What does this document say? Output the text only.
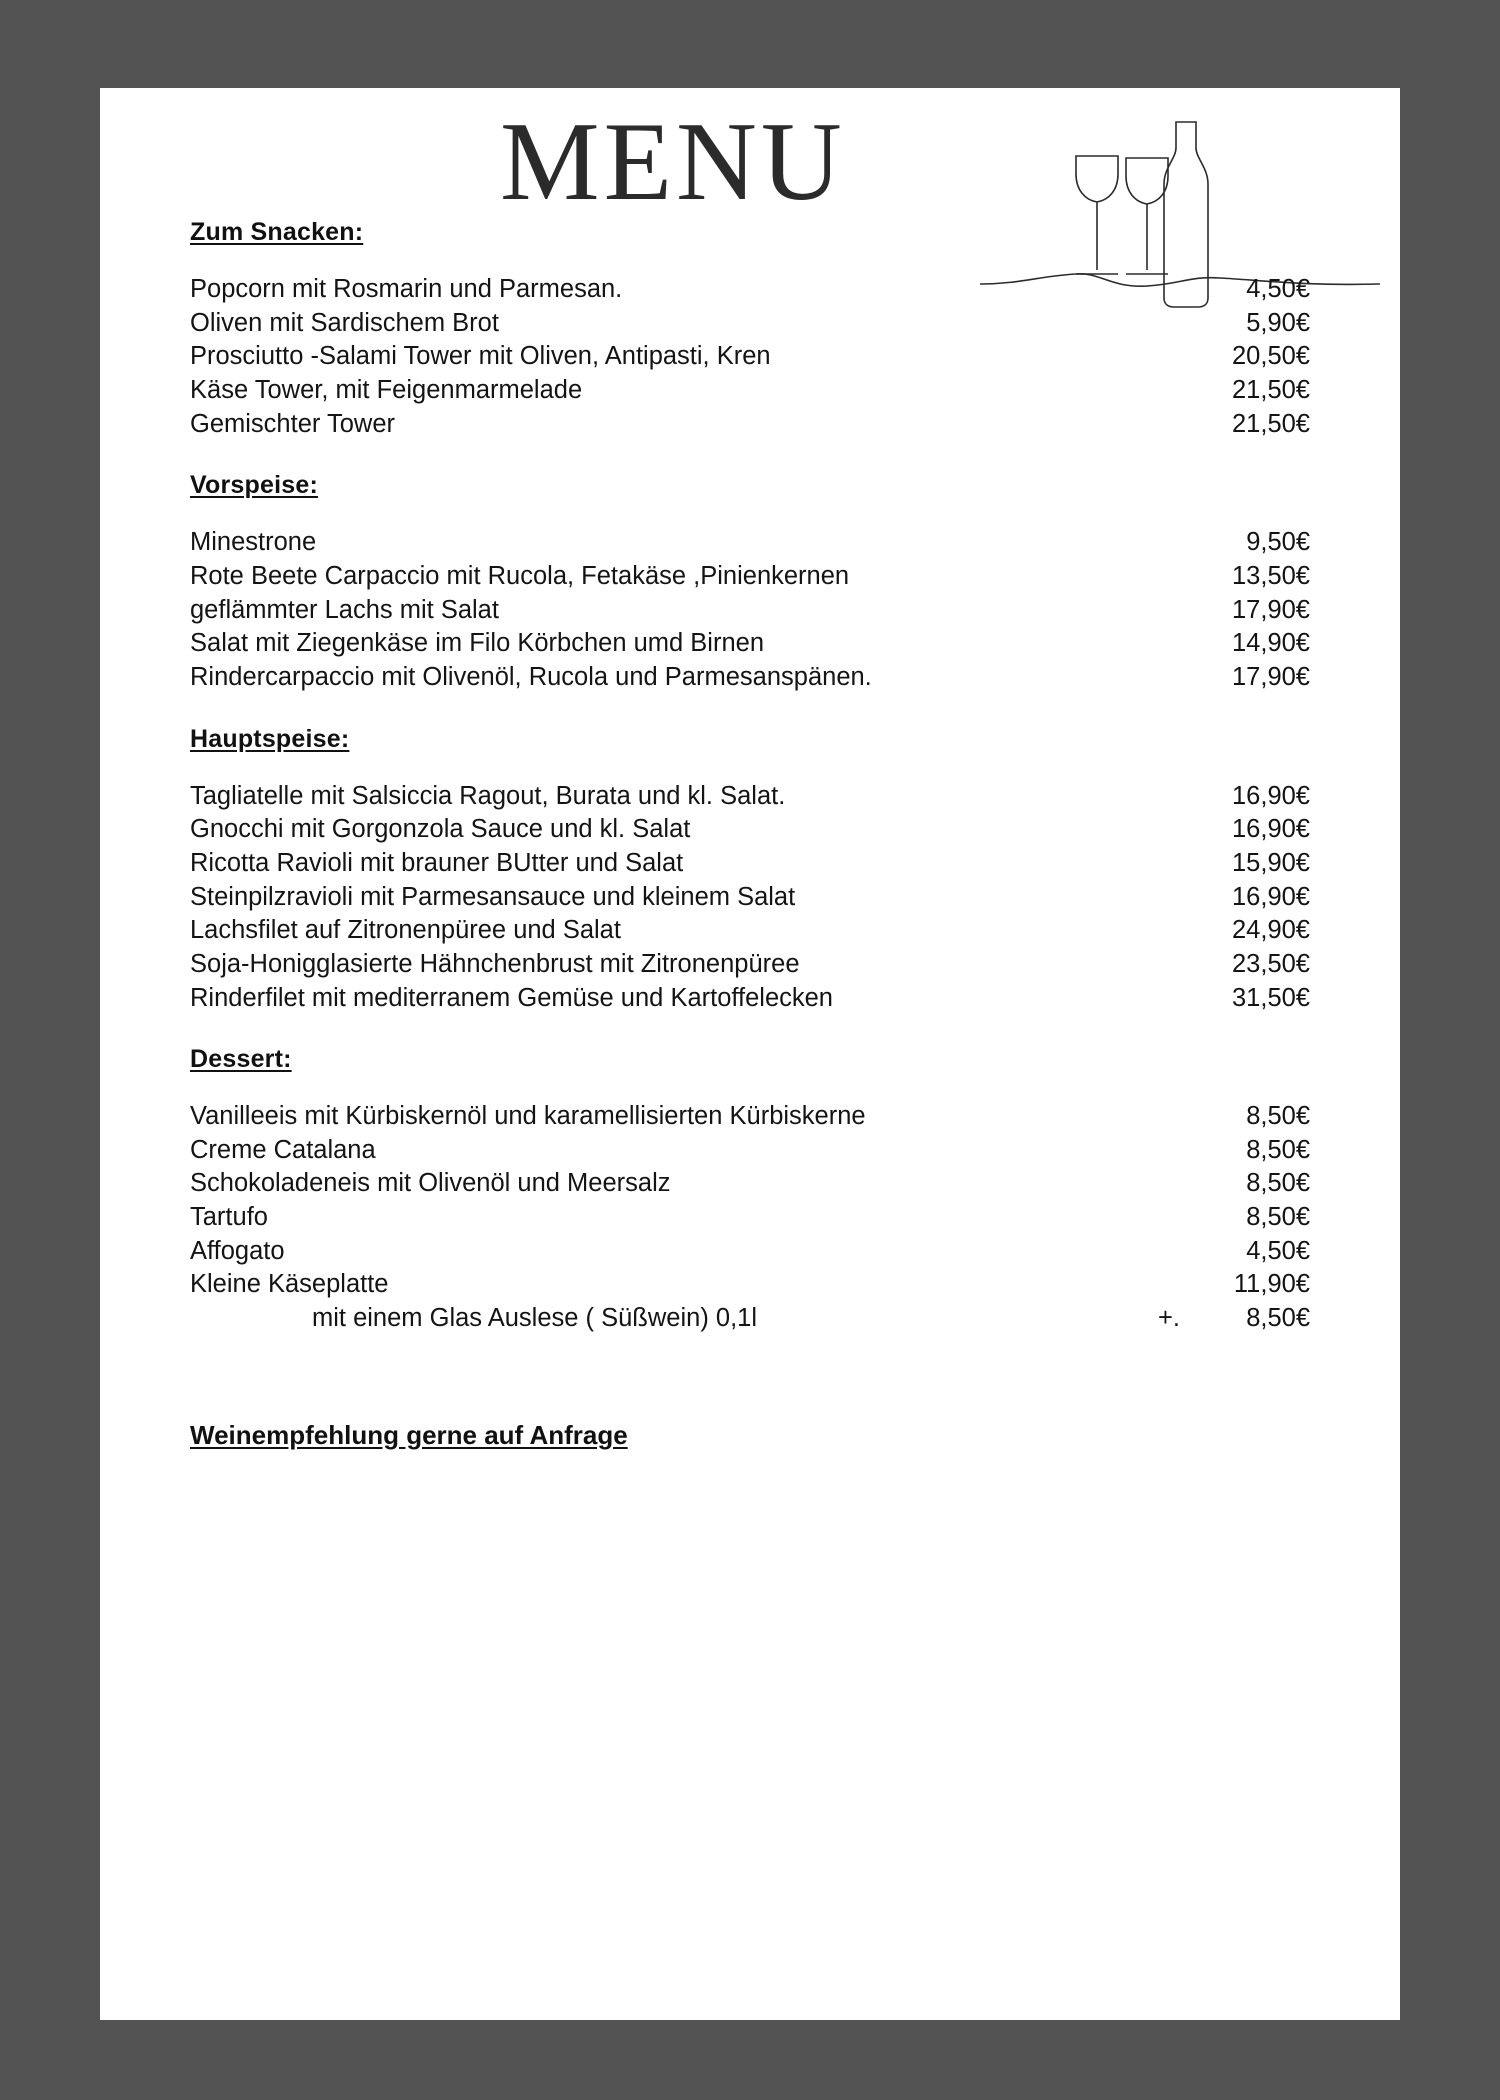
MENU
Zum Snacken:
Popcorn mit Rosmarin und Parmesan.	4,50€
Oliven mit Sardischem Brot	5,90€
Prosciutto -Salami Tower mit Oliven, Antipasti, Kren	20,50€
Käse Tower, mit Feigenmarmelade	21,50€
Gemischter Tower	21,50€
Vorspeise:
Minestrone	9,50€
Rote Beete Carpaccio mit Rucola, Fetakäse ,Pinienkernen	13,50€
geflämmter Lachs mit Salat	17,90€
Salat mit Ziegenkäse im Filo Körbchen umd Birnen	14,90€
Rindercarpaccio mit Olivenöl, Rucola und Parmesanspänen.	17,90€
Hauptspeise:
Tagliatelle mit Salsiccia Ragout, Burata und kl. Salat.	16,90€
Gnocchi mit Gorgonzola Sauce und kl. Salat	16,90€
Ricotta Ravioli mit brauner BUtter und Salat	15,90€
Steinpilzravioli mit Parmesansauce und kleinem Salat	16,90€
Lachsfilet auf Zitronenpüree und Salat	24,90€
Soja-Honigglasierte Hähnchenbrust mit Zitronenpüree	23,50€
Rinderfilet mit mediterranem Gemüse und Kartoffelecken	31,50€
Dessert:
Vanilleeis mit Kürbiskernöl und karamellisierten Kürbiskerne	8,50€
Creme Catalana	8,50€
Schokoladeneis mit Olivenöl und Meersalz	8,50€
Tartufo	8,50€
Affogato	4,50€
Kleine Käseplatte	11,90€
mit einem Glas Auslese ( Süßwein) 0,1l	+.	8,50€
Weinempfehlung gerne auf Anfrage
